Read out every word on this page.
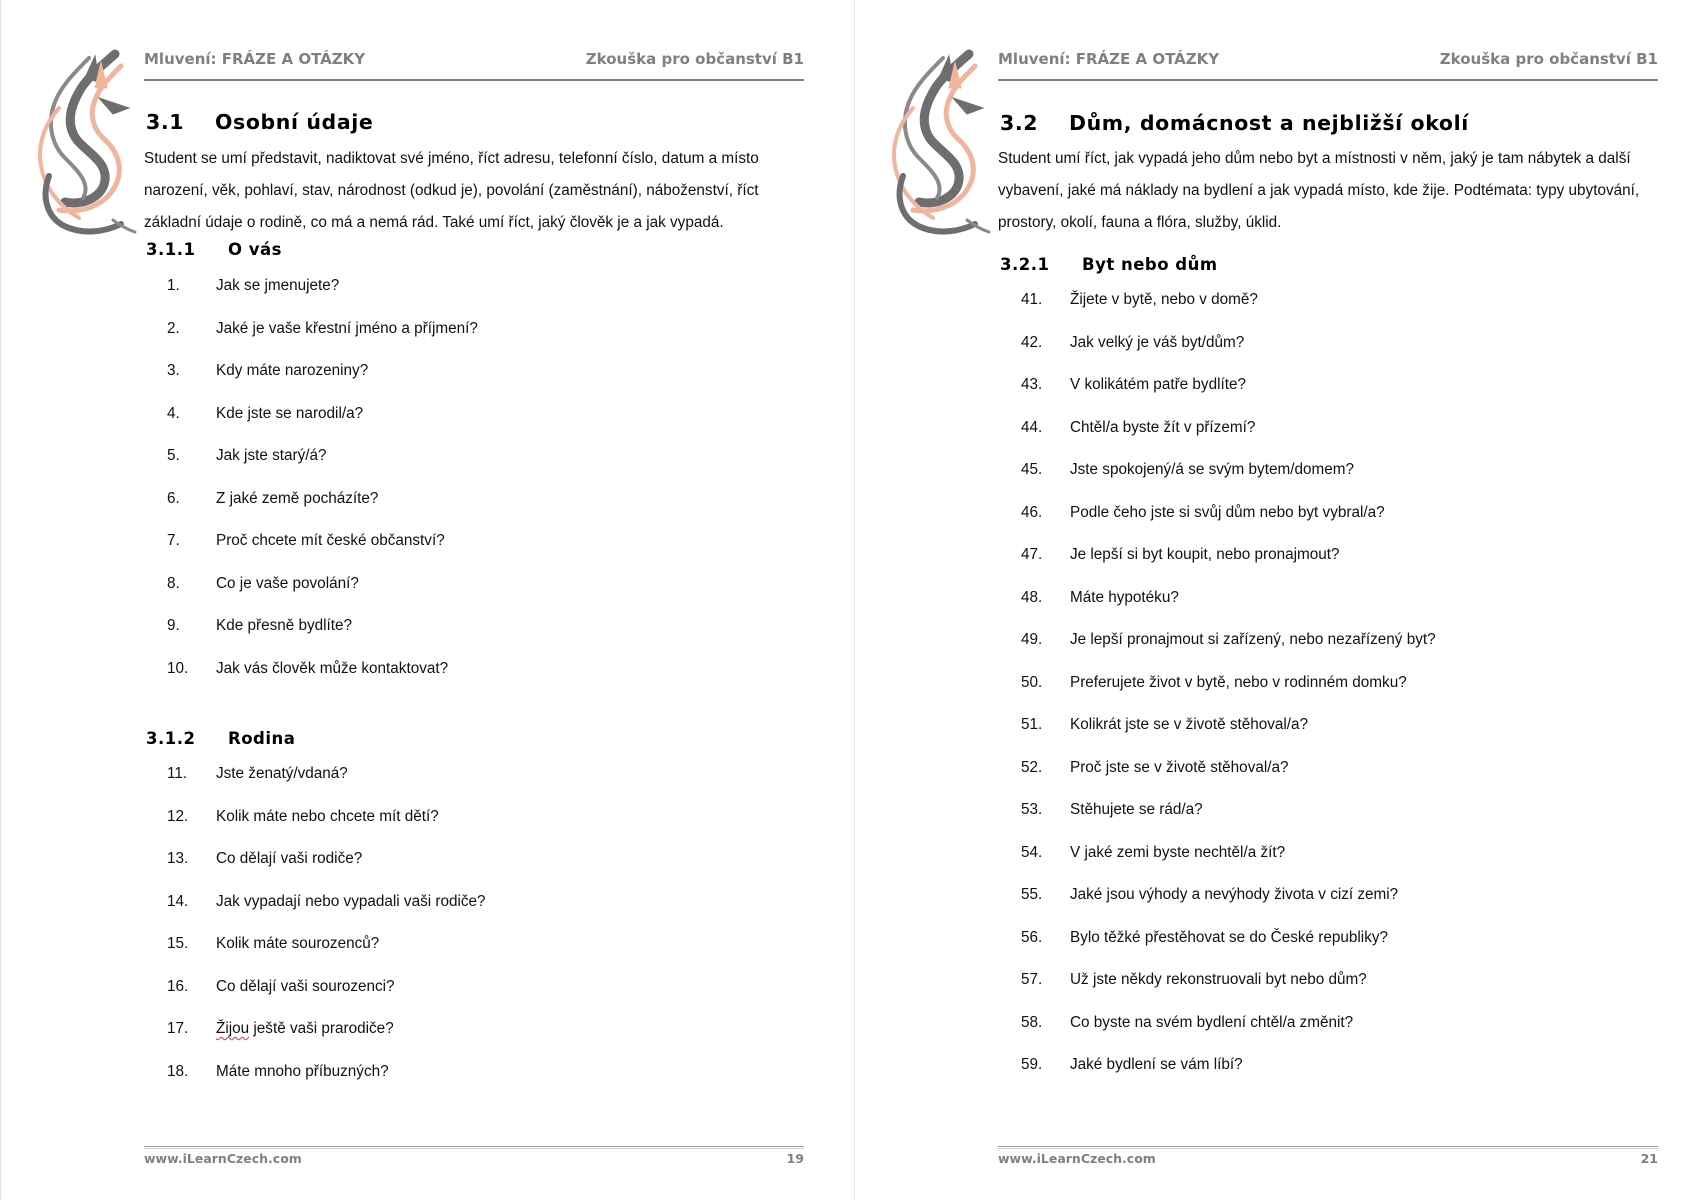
Mluvení: FRÁZE A OTÁZKY	Zkouška pro občanství B1
3.1 Osobní údaje
Student se umí představit, nadiktovat své jméno, říct adresu, telefonní číslo, datum a místo narození, věk, pohlaví, stav, národnost (odkud je), povolání (zaměstnání), náboženství, říct základní údaje o rodině, co má a nemá rád. Také umí říct, jaký člověk je a jak vypadá.
3.1.1 O vás
1.	Jak se jmenujete?
2.	Jaké je vaše křestní jméno a příjmení?
3.	Kdy máte narozeniny?
4.	Kde jste se narodil/a?
5.	Jak jste starý/á?
6.	Z jaké země pocházíte?
7.	Proč chcete mít české občanství?
8.	Co je vaše povolání?
9.	Kde přesně bydlíte?
10.	Jak vás člověk může kontaktovat?
3.1.2 Rodina
11.	Jste ženatý/vdaná?
12.	Kolik máte nebo chcete mít dětí?
13.	Co dělají vaši rodiče?
14.	Jak vypadají nebo vypadali vaši rodiče?
15.	Kolik máte sourozenců?
16.	Co dělají vaši sourozenci?
17.	Žijou ještě vaši prarodiče?
18.	Máte mnoho příbuzných?
www.iLearnCzech.com	19
Mluvení: FRÁZE A OTÁZKY	Zkouška pro občanství B1
3.2 Dům, domácnost a nejbližší okolí
Student umí říct, jak vypadá jeho dům nebo byt a místnosti v něm, jaký je tam nábytek a další vybavení, jaké má náklady na bydlení a jak vypadá místo, kde žije. Podtémata: typy ubytování, prostory, okolí, fauna a flóra, služby, úklid.
3.2.1 Byt nebo dům
41.	Žijete v bytě, nebo v domě?
42.	Jak velký je váš byt/dům?
43.	V kolikátém patře bydlíte?
44.	Chtěl/a byste žít v přízemí?
45.	Jste spokojený/á se svým bytem/domem?
46.	Podle čeho jste si svůj dům nebo byt vybral/a?
47.	Je lepší si byt koupit, nebo pronajmout?
48.	Máte hypotéku?
49.	Je lepší pronajmout si zařízený, nebo nezařízený byt?
50.	Preferujete život v bytě, nebo v rodinném domku?
51.	Kolikrát jste se v životě stěhoval/a?
52.	Proč jste se v životě stěhoval/a?
53.	Stěhujete se rád/a?
54.	V jaké zemi byste nechtěl/a žít?
55.	Jaké jsou výhody a nevýhody života v cizí zemi?
56.	Bylo těžké přestěhovat se do České republiky?
57.	Už jste někdy rekonstruovali byt nebo dům?
58.	Co byste na svém bydlení chtěl/a změnit?
59.	Jaké bydlení se vám líbí?
www.iLearnCzech.com	21
